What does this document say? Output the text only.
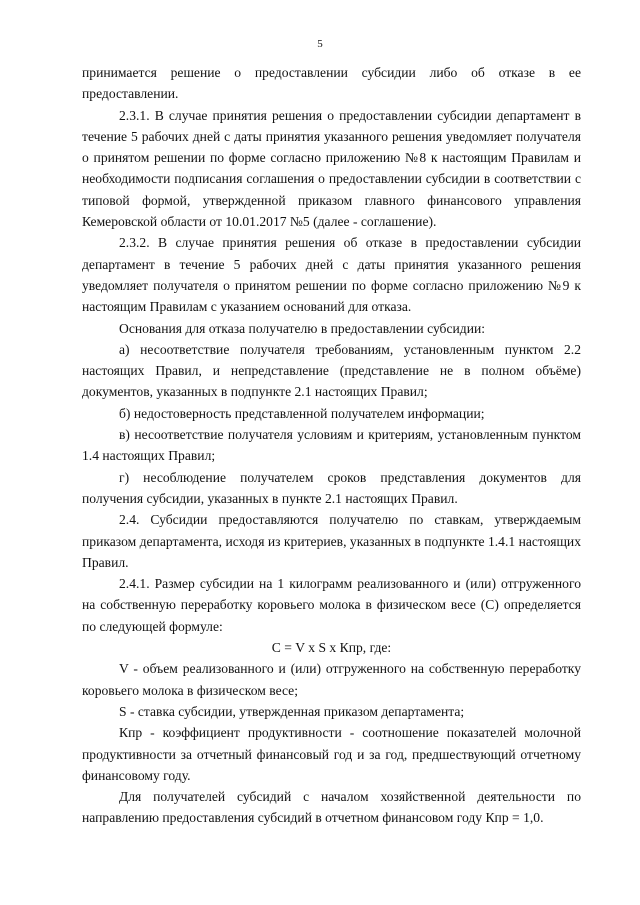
5

принимается решение о предоставлении субсидии либо об отказе в ее предоставлении.

2.3.1. В случае принятия решения о предоставлении субсидии департамент в течение 5 рабочих дней с даты принятия указанного решения уведомляет получателя о принятом решении по форме согласно приложению №8 к настоящим Правилам и необходимости подписания соглашения о предоставлении субсидии в соответствии с типовой формой, утвержденной приказом главного финансового управления Кемеровской области от 10.01.2017 №5 (далее - соглашение).

2.3.2. В случае принятия решения об отказе в предоставлении субсидии департамент в течение 5 рабочих дней с даты принятия указанного решения уведомляет получателя о принятом решении по форме согласно приложению №9 к настоящим Правилам с указанием оснований для отказа.

Основания для отказа получателю в предоставлении субсидии:

а) несоответствие получателя требованиям, установленным пунктом 2.2 настоящих Правил, и непредставление (представление не в полном объёме) документов, указанных в подпункте 2.1 настоящих Правил;

б) недостоверность представленной получателем информации;

в) несоответствие получателя условиям и критериям, установленным пунктом 1.4 настоящих Правил;

г) несоблюдение получателем сроков представления документов для получения субсидии, указанных в пункте 2.1 настоящих Правил.

2.4. Субсидии предоставляются получателю по ставкам, утверждаемым приказом департамента, исходя из критериев, указанных в подпункте 1.4.1 настоящих Правил.

2.4.1. Размер субсидии на 1 килограмм реализованного и (или) отгруженного на собственную переработку коровьего молока в физическом весе (С) определяется по следующей формуле:

С = V x S x Кпр, где:

V - объем реализованного и (или) отгруженного на собственную переработку коровьего молока в физическом весе;

S - ставка субсидии, утвержденная приказом департамента;

Кпр - коэффициент продуктивности - соотношение показателей молочной продуктивности за отчетный финансовый год и за год, предшествующий отчетному финансовому году.

Для получателей субсидий с началом хозяйственной деятельности по направлению предоставления субсидий в отчетном финансовом году Кпр = 1,0.
